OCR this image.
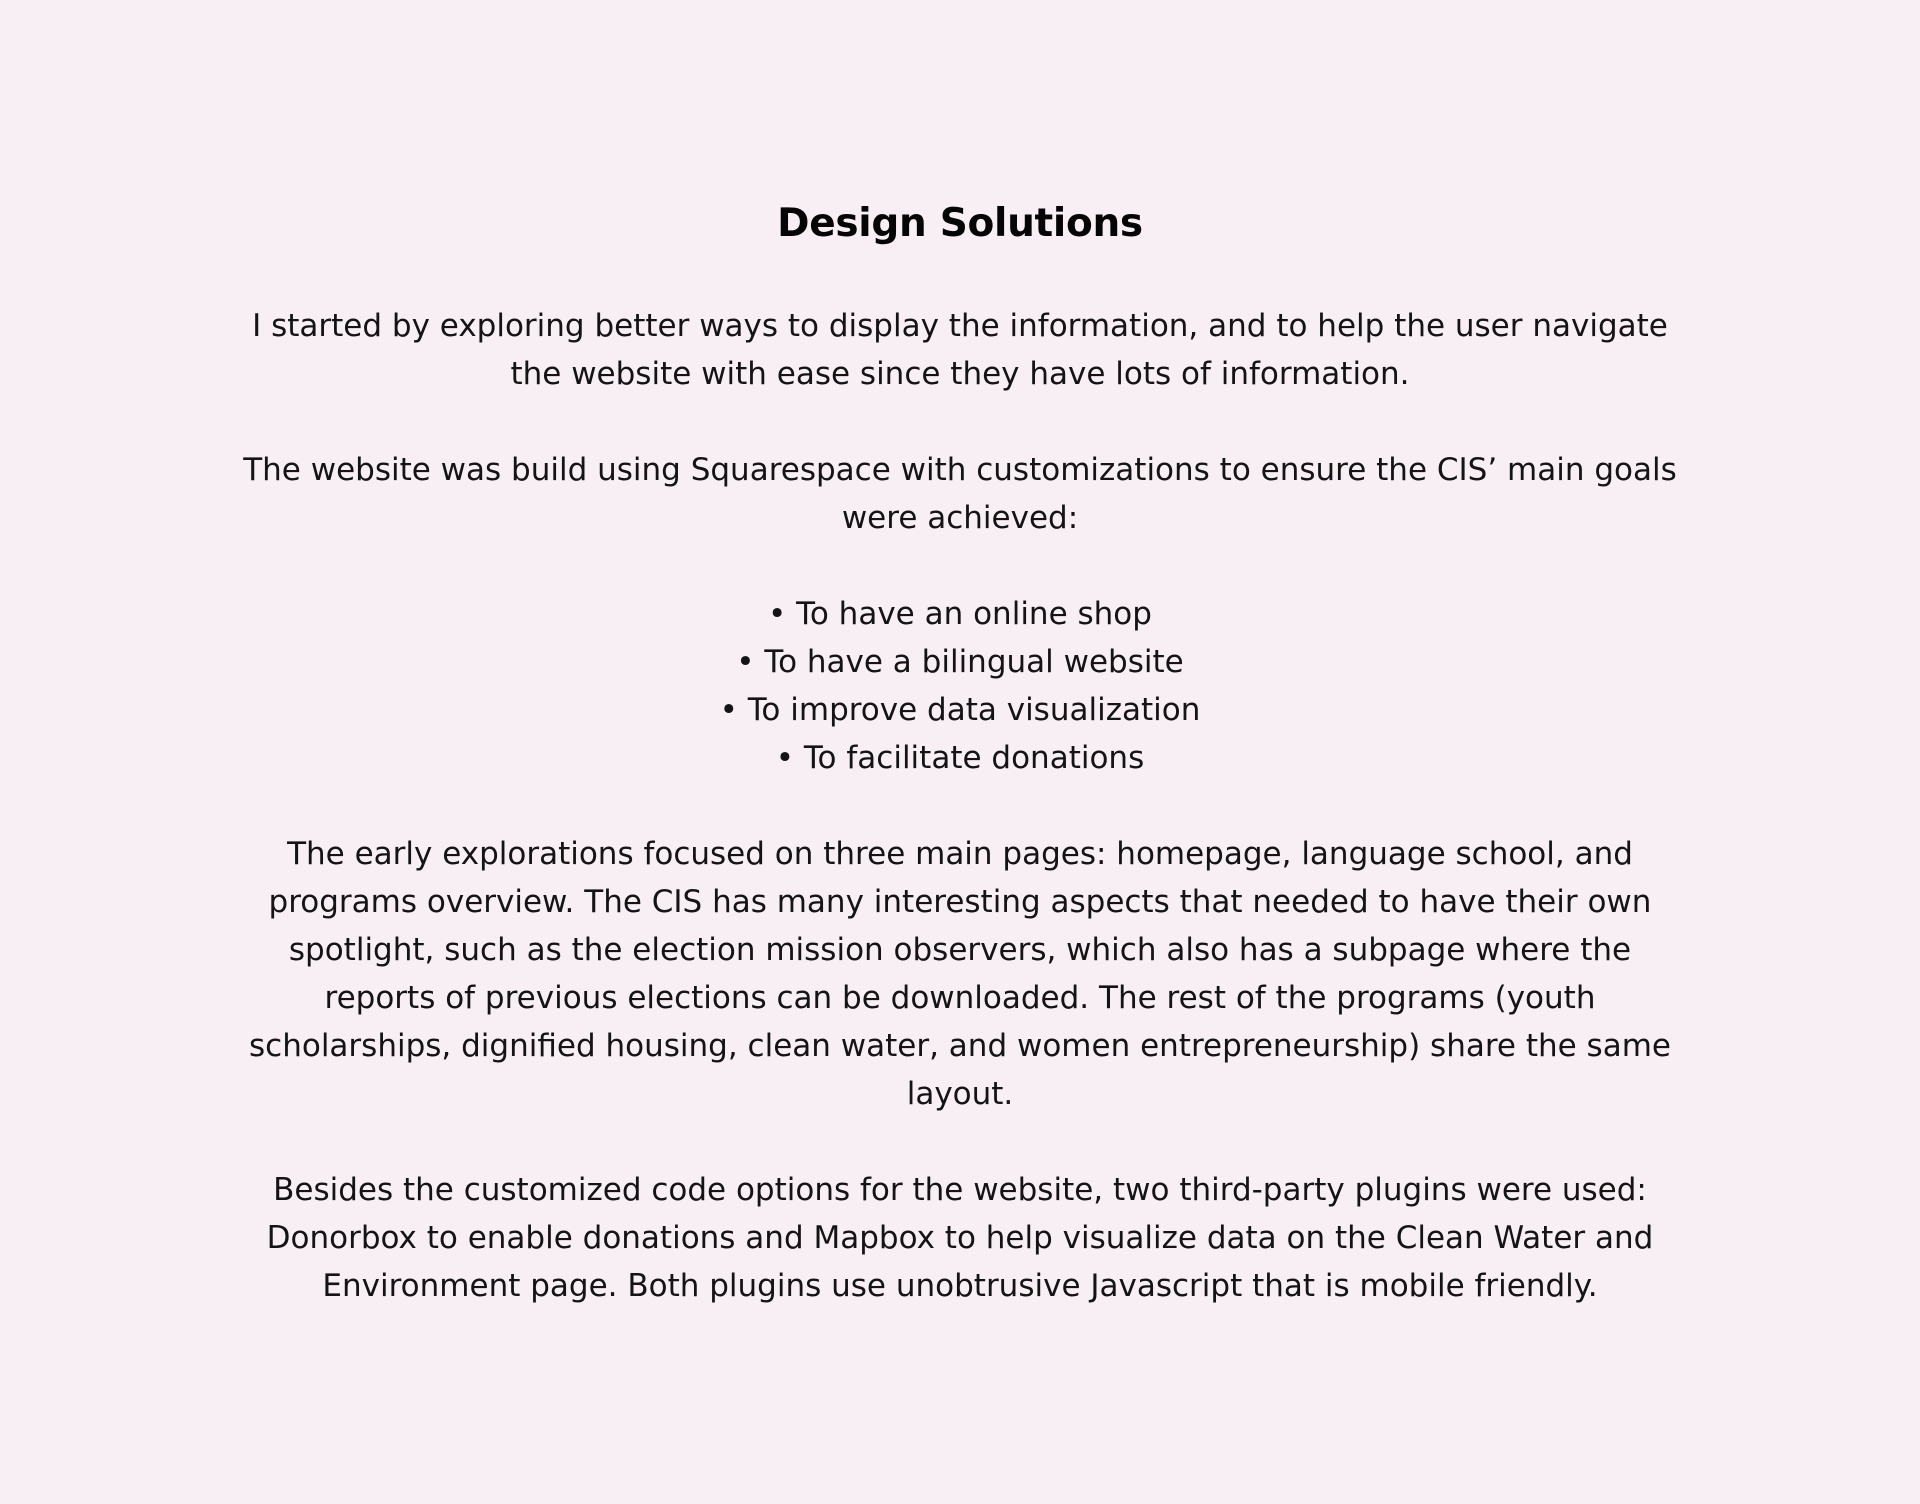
Design Solutions

I started by exploring better ways to display the information, and to help the user navigate the website with ease since they have lots of information.

The website was build using Squarespace with customizations to ensure the CIS’ main goals were achieved:

• To have an online shop
• To have a bilingual website
• To improve data visualization
• To facilitate donations

The early explorations focused on three main pages: homepage, language school, and programs overview. The CIS has many interesting aspects that needed to have their own spotlight, such as the election mission observers, which also has a subpage where the reports of previous elections can be downloaded. The rest of the programs (youth scholarships, dignified housing, clean water, and women entrepreneurship) share the same layout.

Besides the customized code options for the website, two third-party plugins were used: Donorbox to enable donations and Mapbox to help visualize data on the Clean Water and Environment page. Both plugins use unobtrusive Javascript that is mobile friendly.
